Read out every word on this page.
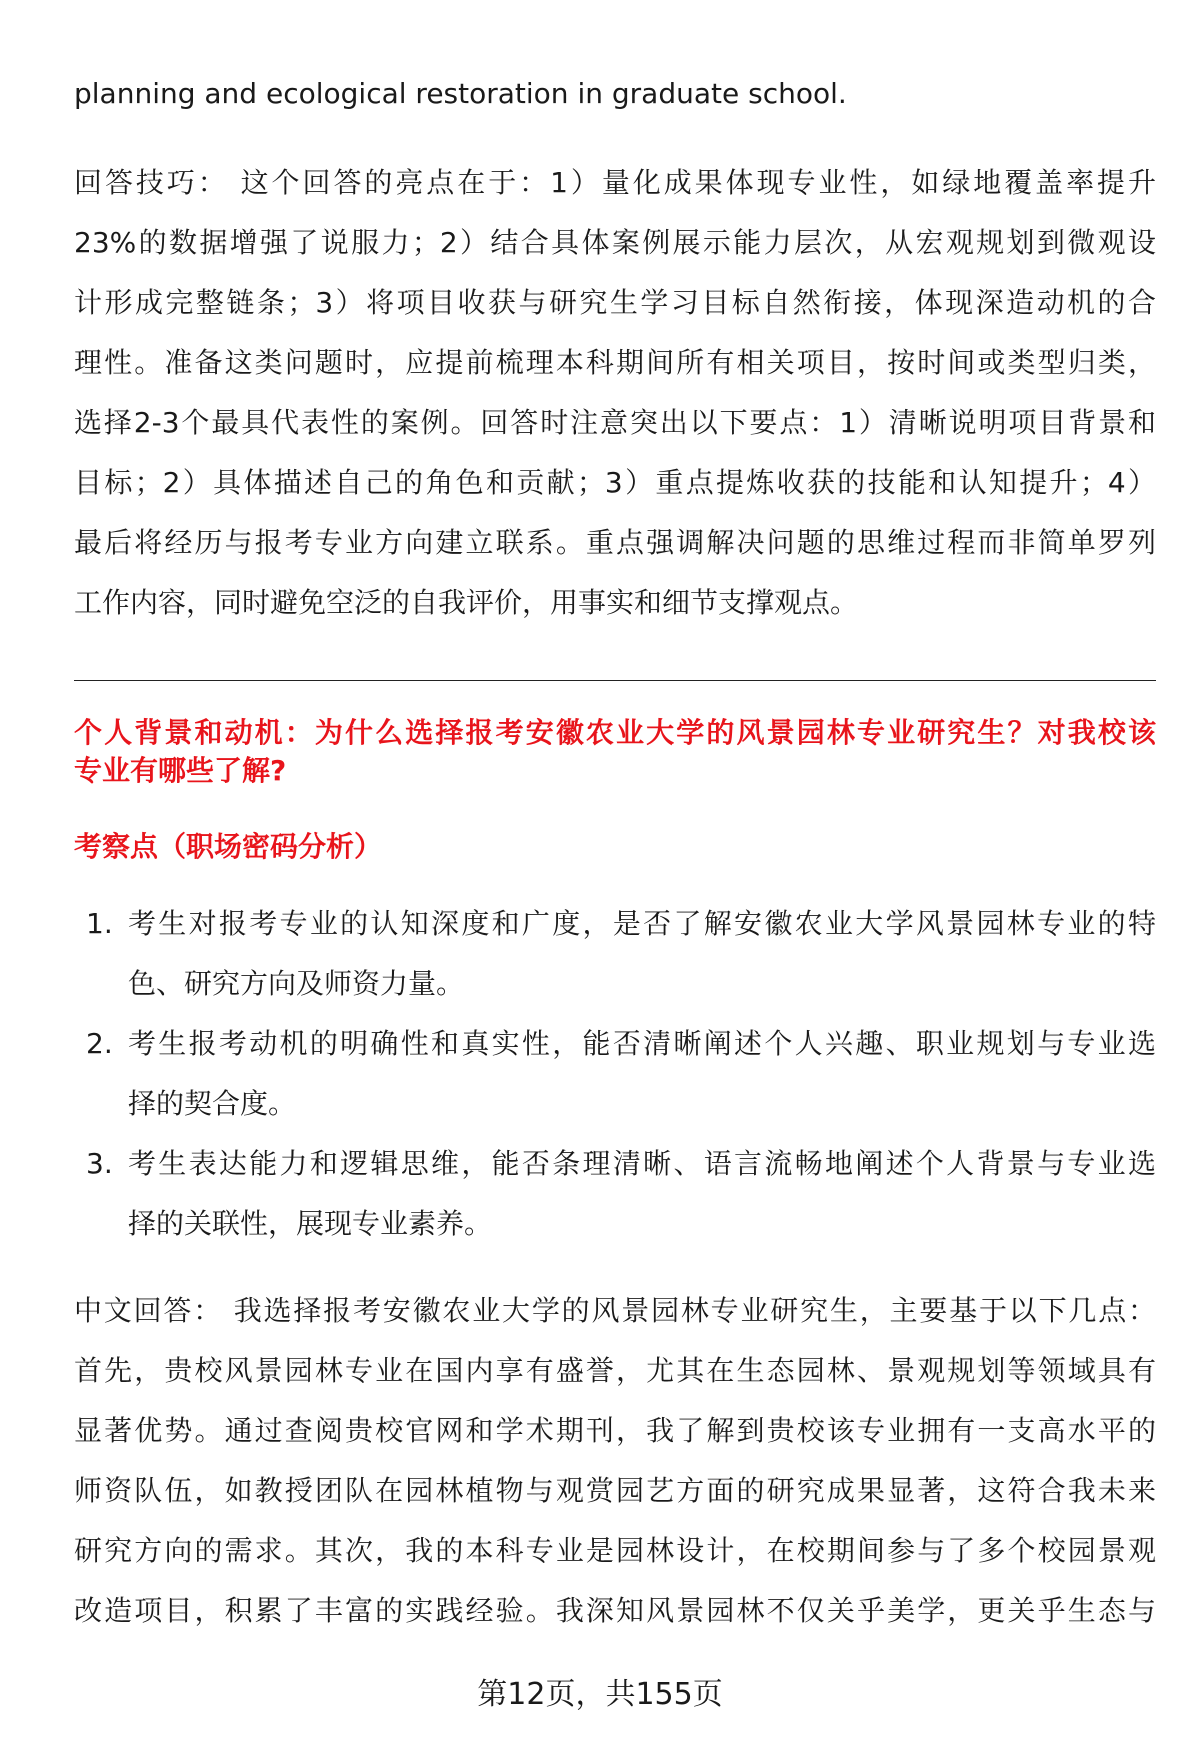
planning and ecological restoration in graduate school.
回答技巧： 这个回答的亮点在于：1）量化成果体现专业性，如绿地覆盖率提升
23%的数据增强了说服力；2）结合具体案例展示能力层次，从宏观规划到微观设
计形成完整链条；3）将项目收获与研究生学习目标自然衔接，体现深造动机的合
理性。准备这类问题时，应提前梳理本科期间所有相关项目，按时间或类型归类，
选择2-3个最具代表性的案例。回答时注意突出以下要点：1）清晰说明项目背景和
目标；2）具体描述自己的角色和贡献；3）重点提炼收获的技能和认知提升；4）
最后将经历与报考专业方向建立联系。重点强调解决问题的思维过程而非简单罗列
工作内容，同时避免空泛的自我评价，用事实和细节支撑观点。
个人背景和动机：为什么选择报考安徽农业大学的风景园林专业研究生？对我校该
专业有哪些了解?
考察点（职场密码分析）
1. 考生对报考专业的认知深度和广度，是否了解安徽农业大学风景园林专业的特
色、研究方向及师资力量。
2. 考生报考动机的明确性和真实性，能否清晰阐述个人兴趣、职业规划与专业选
择的契合度。
3. 考生表达能力和逻辑思维，能否条理清晰、语言流畅地阐述个人背景与专业选
择的关联性，展现专业素养。
中文回答： 我选择报考安徽农业大学的风景园林专业研究生，主要基于以下几点：
首先，贵校风景园林专业在国内享有盛誉，尤其在生态园林、景观规划等领域具有
显著优势。通过查阅贵校官网和学术期刊，我了解到贵校该专业拥有一支高水平的
师资队伍，如教授团队在园林植物与观赏园艺方面的研究成果显著，这符合我未来
研究方向的需求。其次，我的本科专业是园林设计，在校期间参与了多个校园景观
改造项目，积累了丰富的实践经验。我深知风景园林不仅关乎美学，更关乎生态与
第12页，共155页
